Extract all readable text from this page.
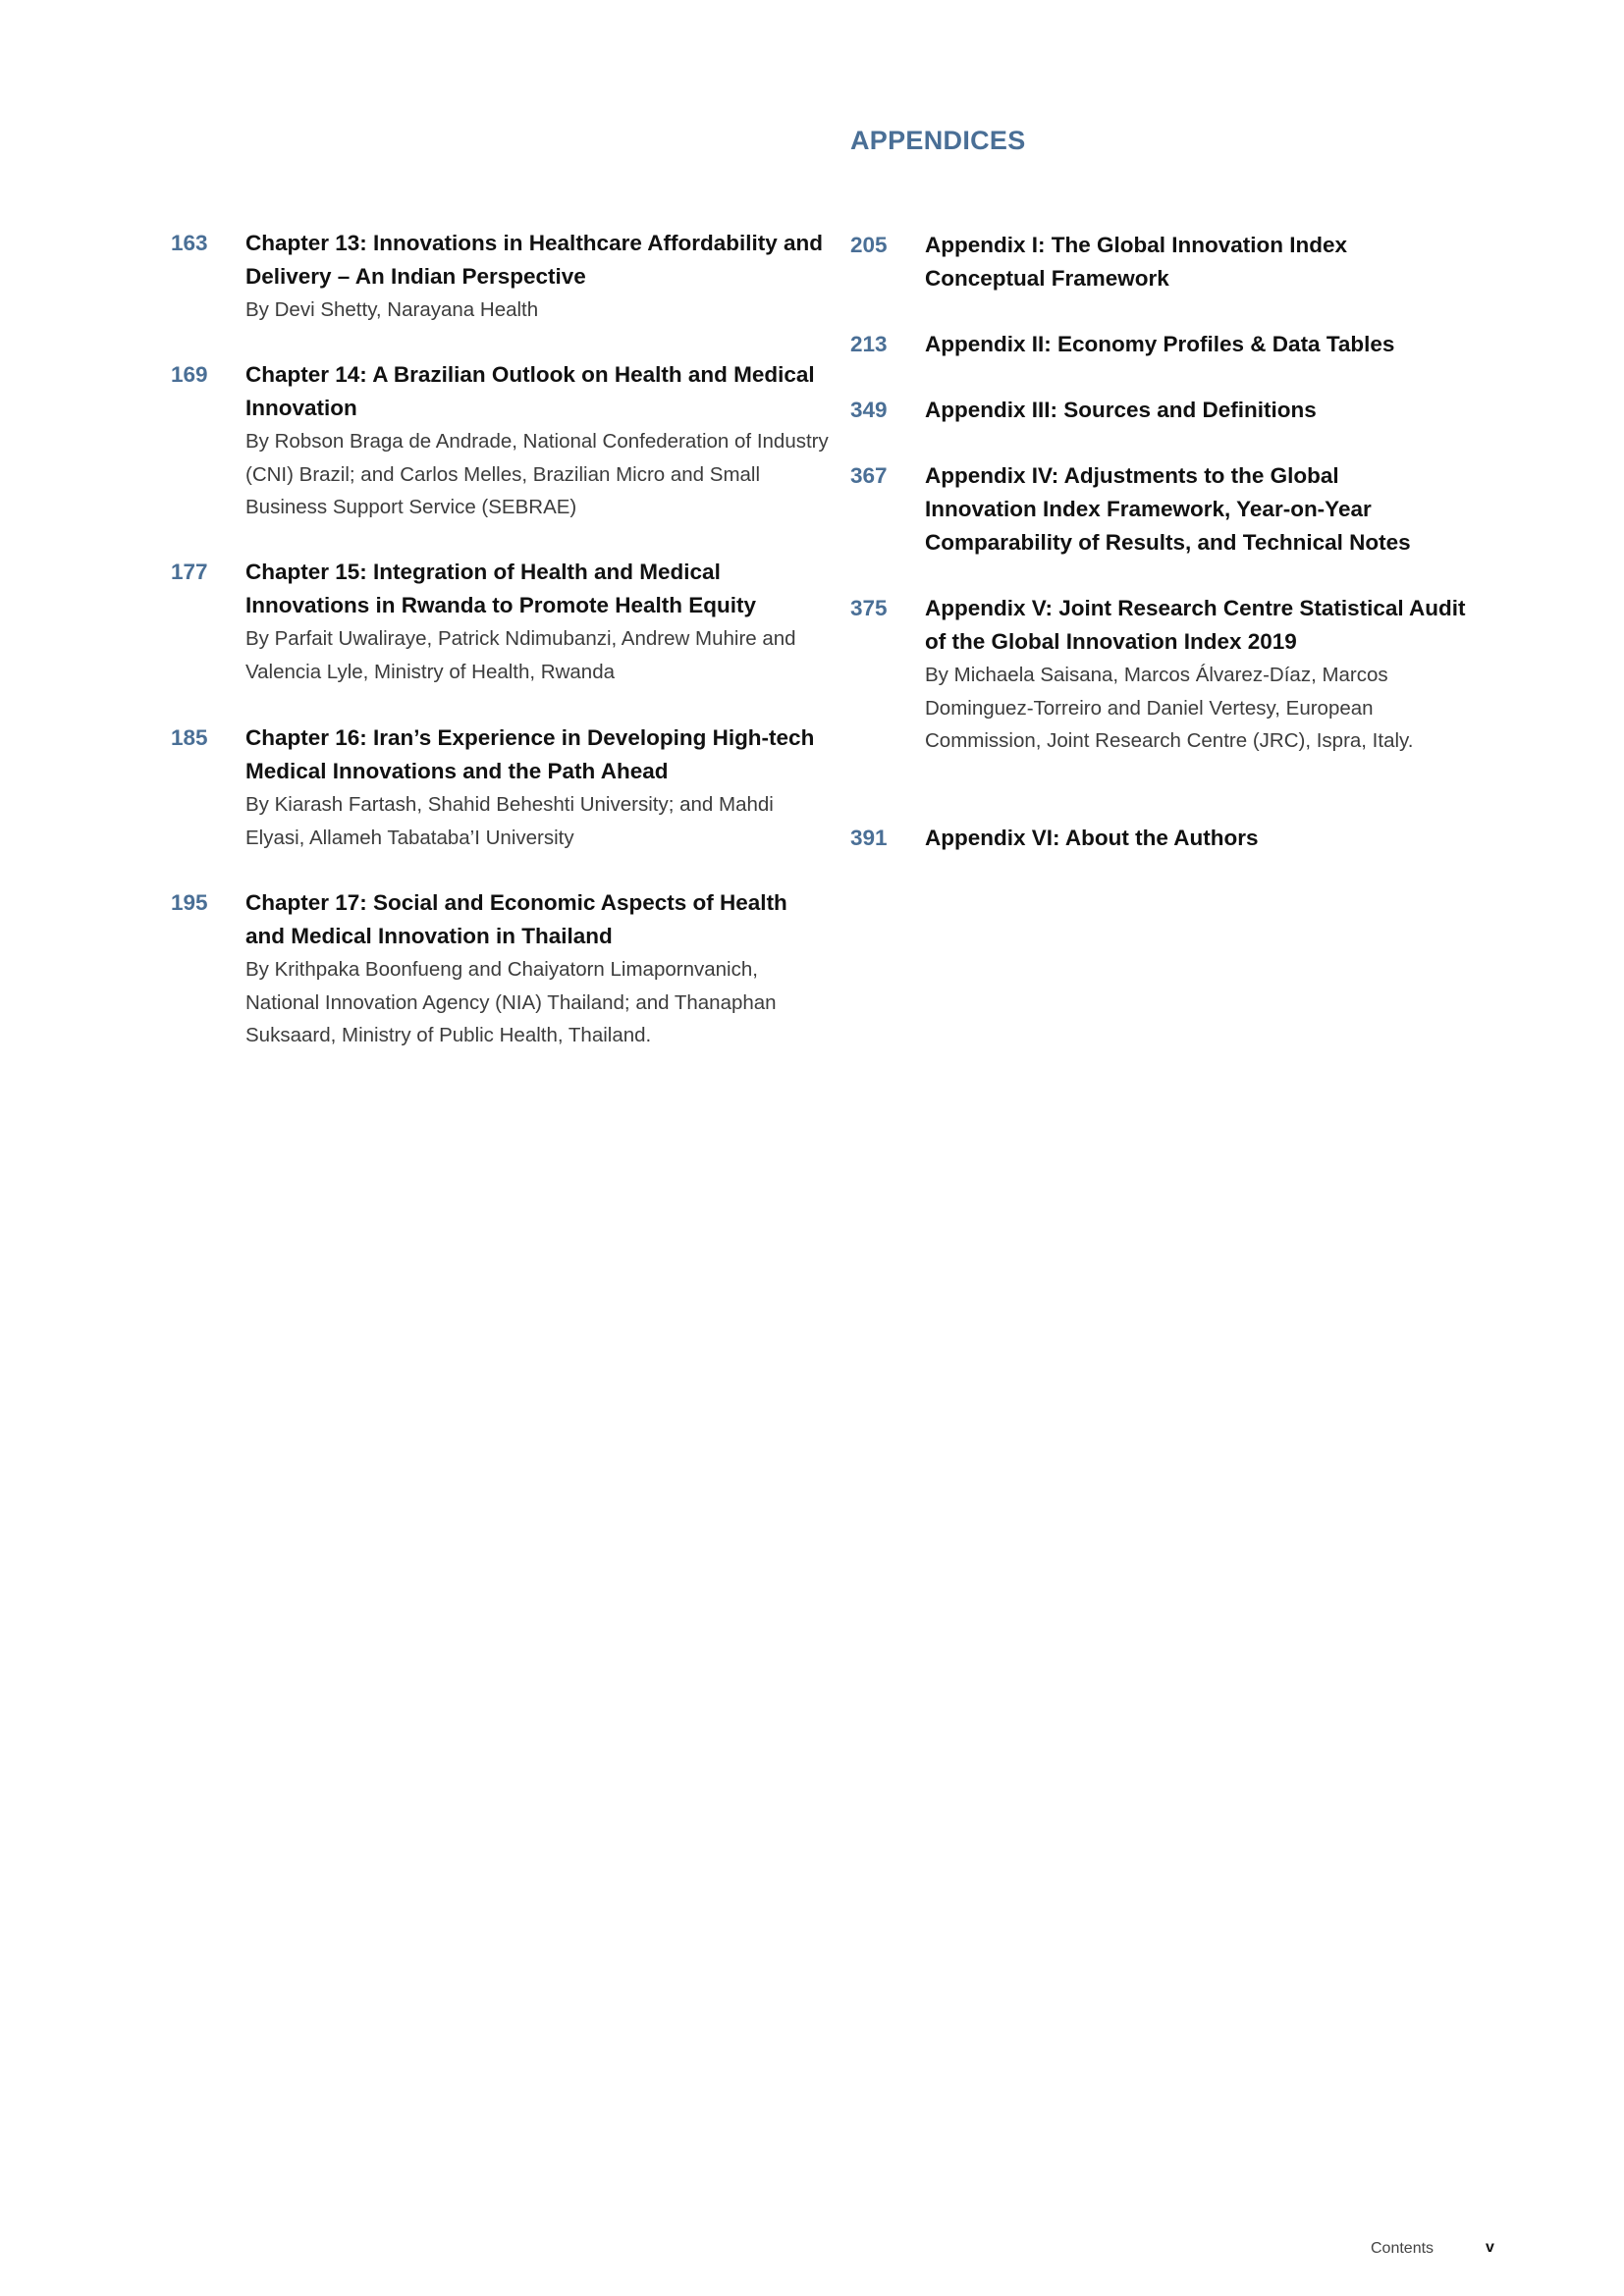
APPENDICES
163	Chapter 13: Innovations in Healthcare Affordability and Delivery – An Indian Perspective

By Devi Shetty, Narayana Health

169	Chapter 14: A Brazilian Outlook on Health and Medical Innovation

By Robson Braga de Andrade, National Confederation of Industry (CNI) Brazil; and Carlos Melles, Brazilian Micro and Small Business Support Service (SEBRAE)

177	Chapter 15: Integration of Health and Medical Innovations in Rwanda to Promote Health Equity

By Parfait Uwaliraye, Patrick Ndimubanzi, Andrew Muhire and Valencia Lyle, Ministry of Health, Rwanda

185	Chapter 16: Iran’s Experience in Developing High-tech Medical Innovations and the Path Ahead

By Kiarash Fartash, Shahid Beheshti University; and Mahdi Elyasi, Allameh Tabataba’I University

195	Chapter 17: Social and Economic Aspects of Health and Medical Innovation in Thailand

By Krithpaka Boonfueng and Chaiyatorn Limapornvanich, National Innovation Agency (NIA) Thailand; and Thanaphan Suksaard, Ministry of Public Health, Thailand.

205	Appendix I: The Global Innovation Index Conceptual Framework

213	Appendix II: Economy Profiles & Data Tables

349	Appendix III: Sources and Definitions

367	Appendix IV: Adjustments to the Global Innovation Index Framework, Year-on-Year Comparability of Results, and Technical Notes

375	Appendix V: Joint Research Centre Statistical Audit of the Global Innovation Index 2019

By Michaela Saisana, Marcos Álvarez-Díaz, Marcos Dominguez-Torreiro and Daniel Vertesy, European Commission, Joint Research Centre (JRC), Ispra, Italy.

391	Appendix VI: About the Authors

Contents	v
